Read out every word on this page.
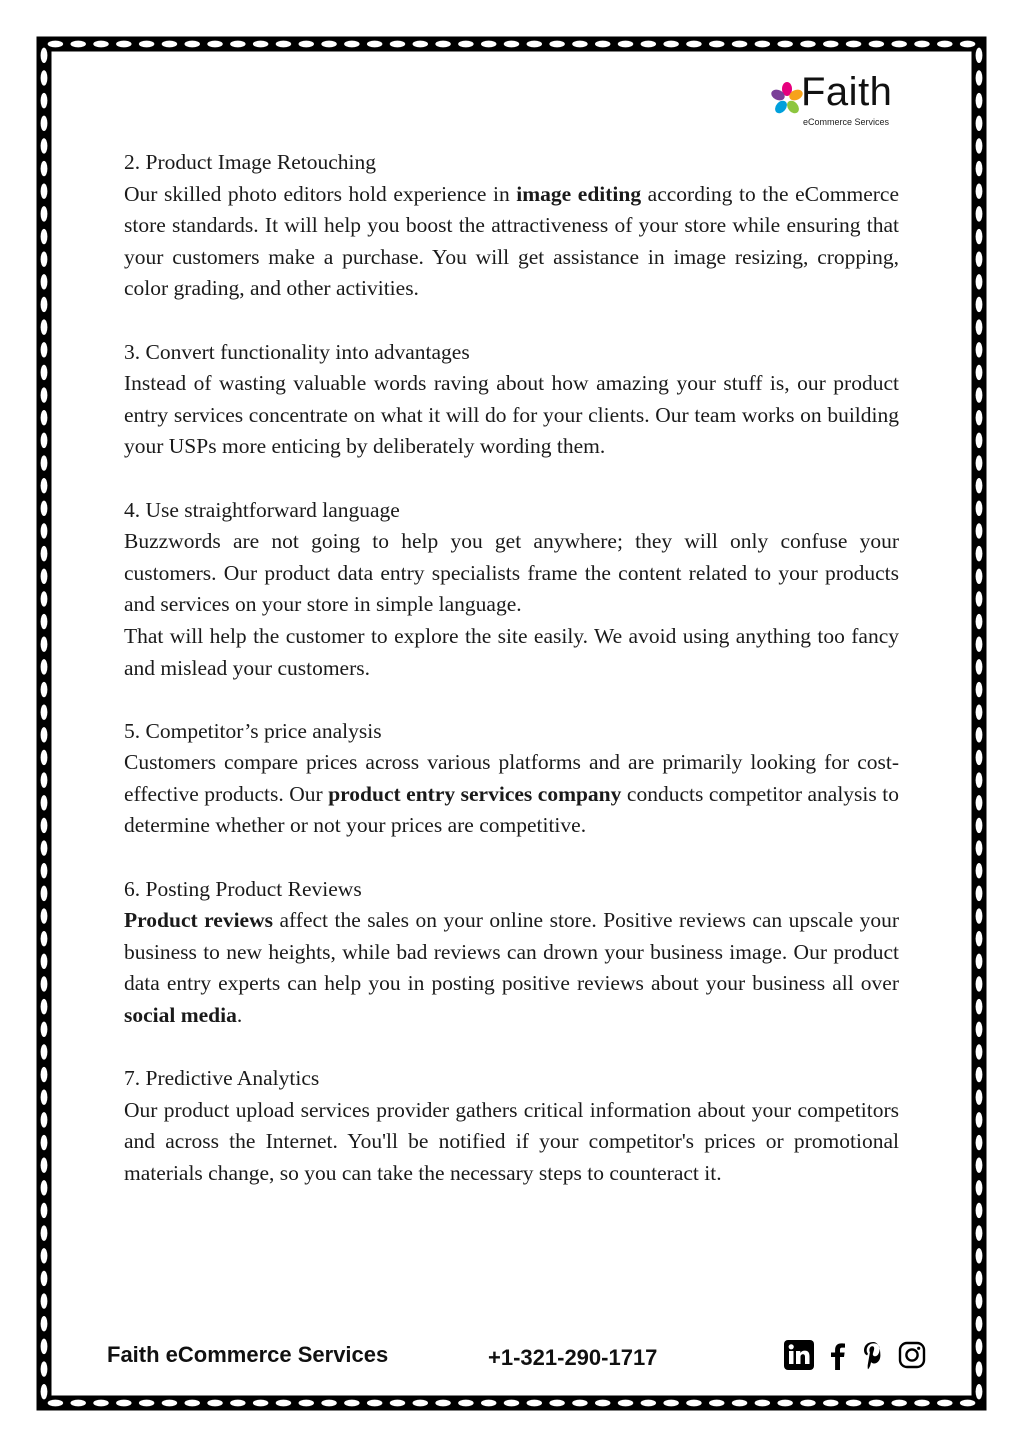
Faith
eCommerce Services
2. Product Image Retouching

Our skilled photo editors hold experience in image editing according to the eCommerce store standards. It will help you boost the attractiveness of your store while ensuring that your customers make a purchase. You will get assistance in image resizing, cropping, color grading, and other activities.

3. Convert functionality into advantages

Instead of wasting valuable words raving about how amazing your stuff is, our product entry services concentrate on what it will do for your clients. Our team works on building your USPs more enticing by deliberately wording them.

4. Use straightforward language

Buzzwords are not going to help you get anywhere; they will only confuse your customers. Our product data entry specialists frame the content related to your products and services on your store in simple language.

That will help the customer to explore the site easily. We avoid using anything too fancy and mislead your customers.

5. Competitor’s price analysis

Customers compare prices across various platforms and are primarily looking for cost-effective products. Our product entry services company conducts competitor analysis to determine whether or not your prices are competitive.

6. Posting Product Reviews

Product reviews affect the sales on your online store. Positive reviews can upscale your business to new heights, while bad reviews can drown your business image. Our product data entry experts can help you in posting positive reviews about your business all over social media.

7. Predictive Analytics

Our product upload services provider gathers critical information about your competitors and across the Internet. You'll be notified if your competitor's prices or promotional materials change, so you can take the necessary steps to counteract it.

Faith eCommerce Services	+1-321-290-1717
